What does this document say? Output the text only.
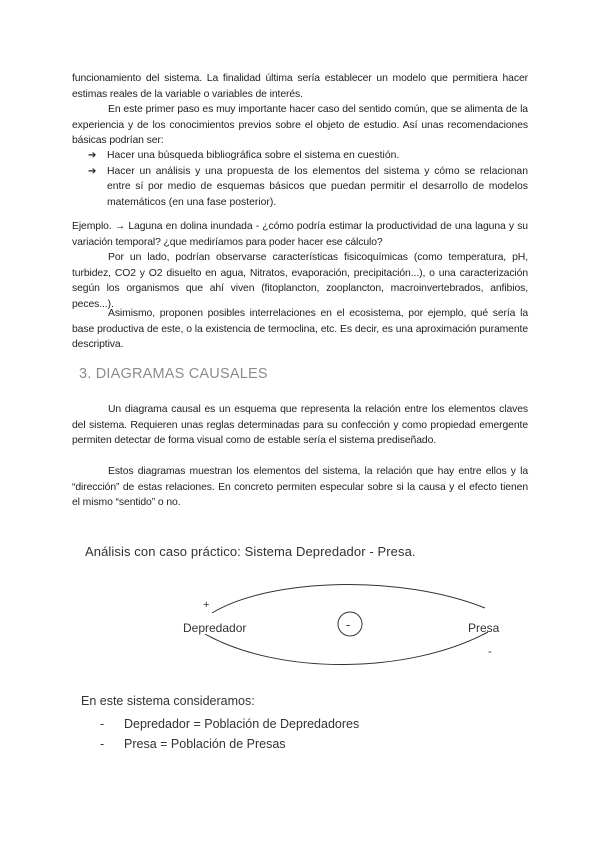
funcionamiento del sistema. La finalidad última sería establecer un modelo que permitiera hacer estimas reales de la variable o variables de interés.

En este primer paso es muy importante hacer caso del sentido común, que se alimenta de la experiencia y de los conocimientos previos sobre el objeto de estudio. Así unas recomendaciones básicas podrían ser:

➔ Hacer una búsqueda bibliográfica sobre el sistema en cuestión.
➔ Hacer un análisis y una propuesta de los elementos del sistema y cómo se relacionan entre sí por medio de esquemas básicos que puedan permitir el desarrollo de modelos matemáticos (en una fase posterior).

Ejemplo. → Laguna en dolina inundada - ¿cómo podría estimar la productividad de una laguna y su variación temporal? ¿que mediríamos para poder hacer ese cálculo?

Por un lado, podrían observarse características fisicoquímicas (como temperatura, pH, turbidez, CO2 y O2 disuelto en agua, Nitratos, evaporación, precipitación...), o una caracterización según los organismos que ahí viven (fitoplancton, zooplancton, macroinvertebrados, anfibios, peces...).

Asimismo, proponen posibles interrelaciones en el ecosistema, por ejemplo, qué sería la base productiva de este, o la existencia de termoclina, etc. Es decir, es una aproximación puramente descriptiva.

3. DIAGRAMAS CAUSALES

Un diagrama causal es un esquema que representa la relación entre los elementos claves del sistema. Requieren unas reglas determinadas para su confección y como propiedad emergente permiten detectar de forma visual como de estable sería el sistema prediseñado.

Estos diagramas muestran los elementos del sistema, la relación que hay entre ellos y la “dirección” de estas relaciones. En concreto permiten especular sobre si la causa y el efecto tienen el mismo “sentido” o no.

Análisis con caso práctico: Sistema Depredador - Presa.

+
Depredador	-	Presa
-

En este sistema consideramos:

- Depredador = Población de Depredadores
- Presa = Población de Presas
